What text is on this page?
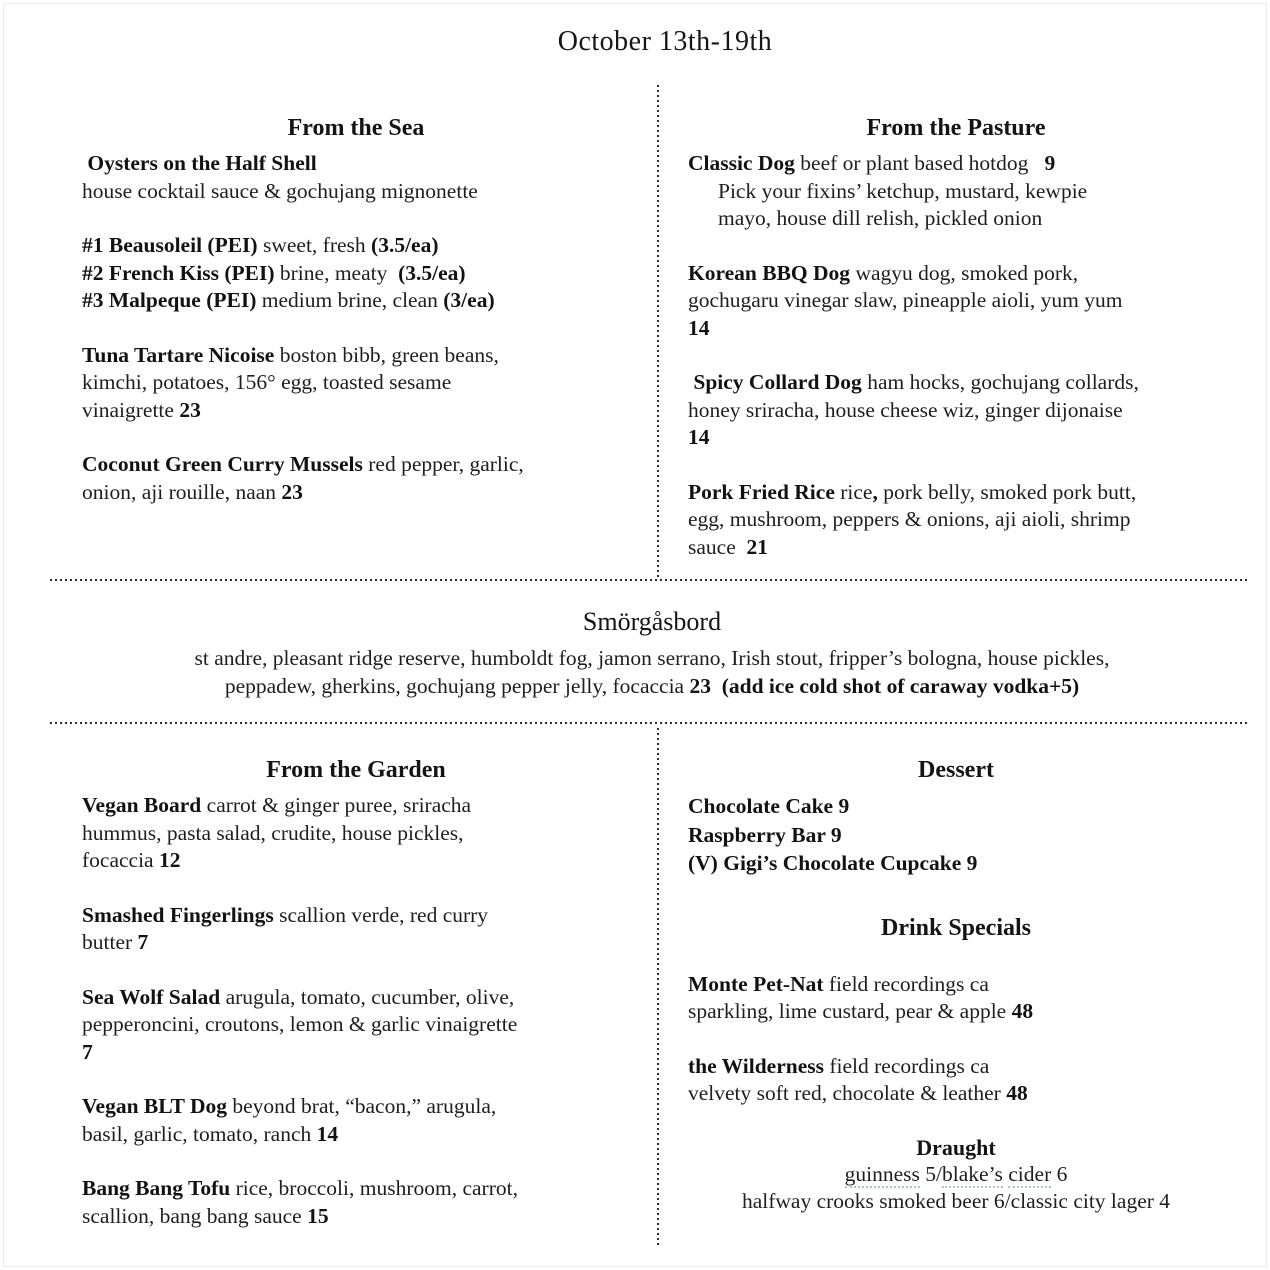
October 13th-19th

From the Sea

Oysters on the Half Shell

house cocktail sauce & gochujang mignonette

#1 Beausoleil (PEI) sweet, fresh (3.5/ea)

#2 French Kiss (PEI) brine, meaty  (3.5/ea)

#3 Malpeque (PEI) medium brine, clean (3/ea)

Tuna Tartare Nicoise boston bibb, green beans,

kimchi, potatoes, 156° egg, toasted sesame

vinaigrette 23

Coconut Green Curry Mussels red pepper, garlic,

onion, aji rouille, naan 23

From the Pasture

Classic Dog beef or plant based hotdog   9

Pick your fixins’ ketchup, mustard, kewpie

mayo, house dill relish, pickled onion

Korean BBQ Dog wagyu dog, smoked pork,

gochugaru vinegar slaw, pineapple aioli, yum yum

14

Spicy Collard Dog ham hocks, gochujang collards,

honey sriracha, house cheese wiz, ginger dijonaise

14

Pork Fried Rice rice, pork belly, smoked pork butt,

egg, mushroom, peppers & onions, aji aioli, shrimp

sauce  21

Smörgåsbord

st andre, pleasant ridge reserve, humboldt fog, jamon serrano, Irish stout, fripper’s bologna, house pickles,

peppadew, gherkins, gochujang pepper jelly, focaccia 23 (add ice cold shot of caraway vodka+5)

From the Garden

Vegan Board carrot & ginger puree, sriracha

hummus, pasta salad, crudite, house pickles,

focaccia 12

Smashed Fingerlings scallion verde, red curry

butter 7

Sea Wolf Salad arugula, tomato, cucumber, olive,

pepperoncini, croutons, lemon & garlic vinaigrette

7

Vegan BLT Dog beyond brat, “bacon,” arugula,

basil, garlic, tomato, ranch 14

Bang Bang Tofu rice, broccoli, mushroom, carrot,

scallion, bang bang sauce 15

Dessert

Chocolate Cake 9

Raspberry Bar 9

(V) Gigi’s Chocolate Cupcake 9

Drink Specials

Monte Pet-Nat field recordings ca

sparkling, lime custard, pear & apple 48

the Wilderness field recordings ca

velvety soft red, chocolate & leather 48

Draught

guinness 5/blake’s cider 6

halfway crooks smoked beer 6/classic city lager 4
